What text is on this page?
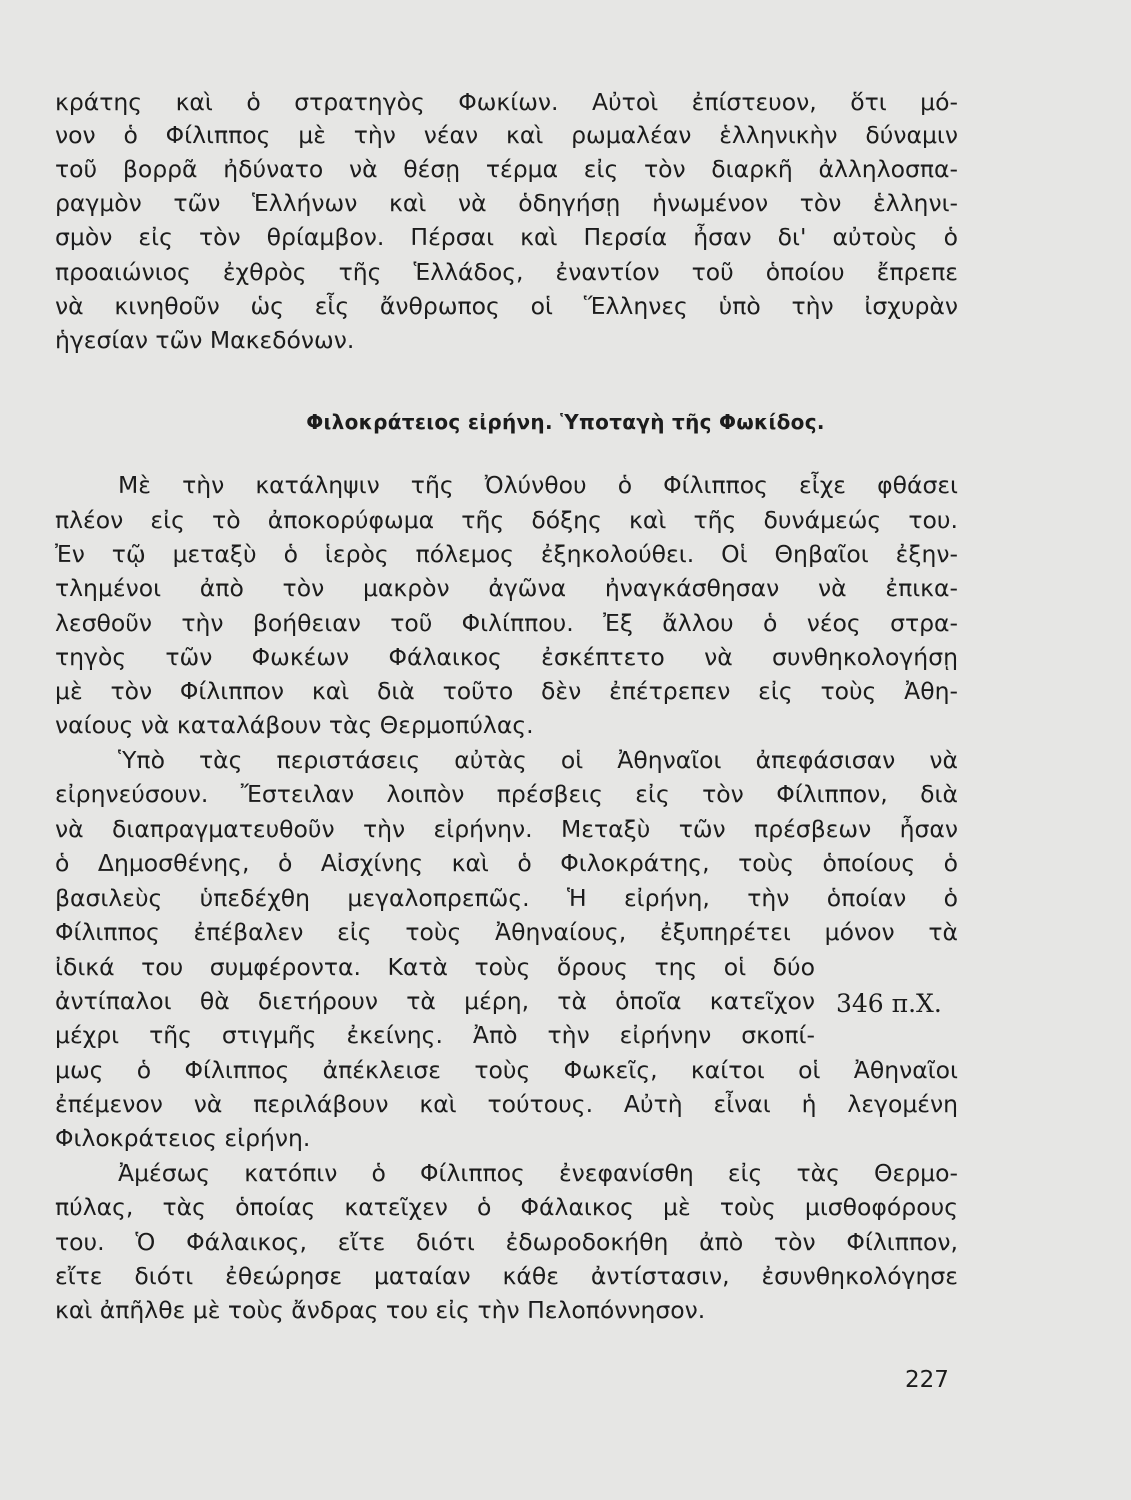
κράτης καὶ ὁ στρατηγὸς Φωκίων. Αὐτοὶ ἐπίστευον, ὅτι μό-
νον ὁ Φίλιππος μὲ τὴν νέαν καὶ ρωμαλέαν ἑλληνικὴν δύναμιν
τοῦ βορρᾶ ἠδύνατο νὰ θέσῃ τέρμα εἰς τὸν διαρκῆ ἀλληλοσπα-
ραγμὸν τῶν Ἑλλήνων καὶ νὰ ὁδηγήσῃ ἡνωμένον τὸν ἑλληνι-
σμὸν εἰς τὸν θρίαμβον. Πέρσαι καὶ Περσία ἦσαν δι' αὐτοὺς ὁ
προαιώνιος ἐχθρὸς τῆς Ἑλλάδος, ἐναντίον τοῦ ὁποίου ἔπρεπε
νὰ κινηθοῦν ὡς εἷς ἄνθρωπος οἱ Ἕλληνες ὑπὸ τὴν ἰσχυρὰν
ἡγεσίαν τῶν Μακεδόνων.
Φιλοκράτειος εἰρήνη. Ὑποταγὴ τῆς Φωκίδος.
Μὲ τὴν κατάληψιν τῆς Ὀλύνθου ὁ Φίλιππος εἶχε φθάσει
πλέον εἰς τὸ ἀποκορύφωμα τῆς δόξης καὶ τῆς δυνάμεώς του.
Ἐν τῷ μεταξὺ ὁ ἱερὸς πόλεμος ἐξηκολούθει. Οἱ Θηβαῖοι ἐξην-
τλημένοι ἀπὸ τὸν μακρὸν ἀγῶνα ἠναγκάσθησαν νὰ ἐπικα-
λεσθοῦν τὴν βοήθειαν τοῦ Φιλίππου. Ἐξ ἄλλου ὁ νέος στρα-
τηγὸς τῶν Φωκέων Φάλαικος ἐσκέπτετο νὰ συνθηκολογήσῃ
μὲ τὸν Φίλιππον καὶ διὰ τοῦτο δὲν ἐπέτρεπεν εἰς τοὺς Ἀθη-
ναίους νὰ καταλάβουν τὰς Θερμοπύλας.
Ὑπὸ τὰς περιστάσεις αὐτὰς οἱ Ἀθηναῖοι ἀπεφάσισαν νὰ
εἰρηνεύσουν. Ἔστειλαν λοιπὸν πρέσβεις εἰς τὸν Φίλιππον, διὰ
νὰ διαπραγματευθοῦν τὴν εἰρήνην. Μεταξὺ τῶν πρέσβεων ἦσαν
ὁ Δημοσθένης, ὁ Αἰσχίνης καὶ ὁ Φιλοκράτης, τοὺς ὁποίους ὁ
βασιλεὺς ὑπεδέχθη μεγαλοπρεπῶς. Ἡ εἰρήνη, τὴν ὁποίαν ὁ
Φίλιππος ἐπέβαλεν εἰς τοὺς Ἀθηναίους, ἐξυπηρέτει μόνον τὰ
ἰδικά του συμφέροντα. Κατὰ τοὺς ὅρους της οἱ δύο
ἀντίπαλοι θὰ διετήρουν τὰ μέρη, τὰ ὁποῖα κατεῖχον
μέχρι τῆς στιγμῆς ἐκείνης. Ἀπὸ τὴν εἰρήνην σκοπί-
μως ὁ Φίλιππος ἀπέκλεισε τοὺς Φωκεῖς, καίτοι οἱ Ἀθηναῖοι
ἐπέμενον νὰ περιλάβουν καὶ τούτους. Αὐτὴ εἶναι ἡ λεγομένη
Φιλοκράτειος εἰρήνη.
Ἀμέσως κατόπιν ὁ Φίλιππος ἐνεφανίσθη εἰς τὰς Θερμο-
πύλας, τὰς ὁποίας κατεῖχεν ὁ Φάλαικος μὲ τοὺς μισθοφόρους
του. Ὁ Φάλαικος, εἴτε διότι ἐδωροδοκήθη ἀπὸ τὸν Φίλιππον,
εἴτε διότι ἐθεώρησε ματαίαν κάθε ἀντίστασιν, ἐσυνθηκολόγησε
καὶ ἀπῆλθε μὲ τοὺς ἄνδρας του εἰς τὴν Πελοπόννησον.
346 π.Χ.
227
